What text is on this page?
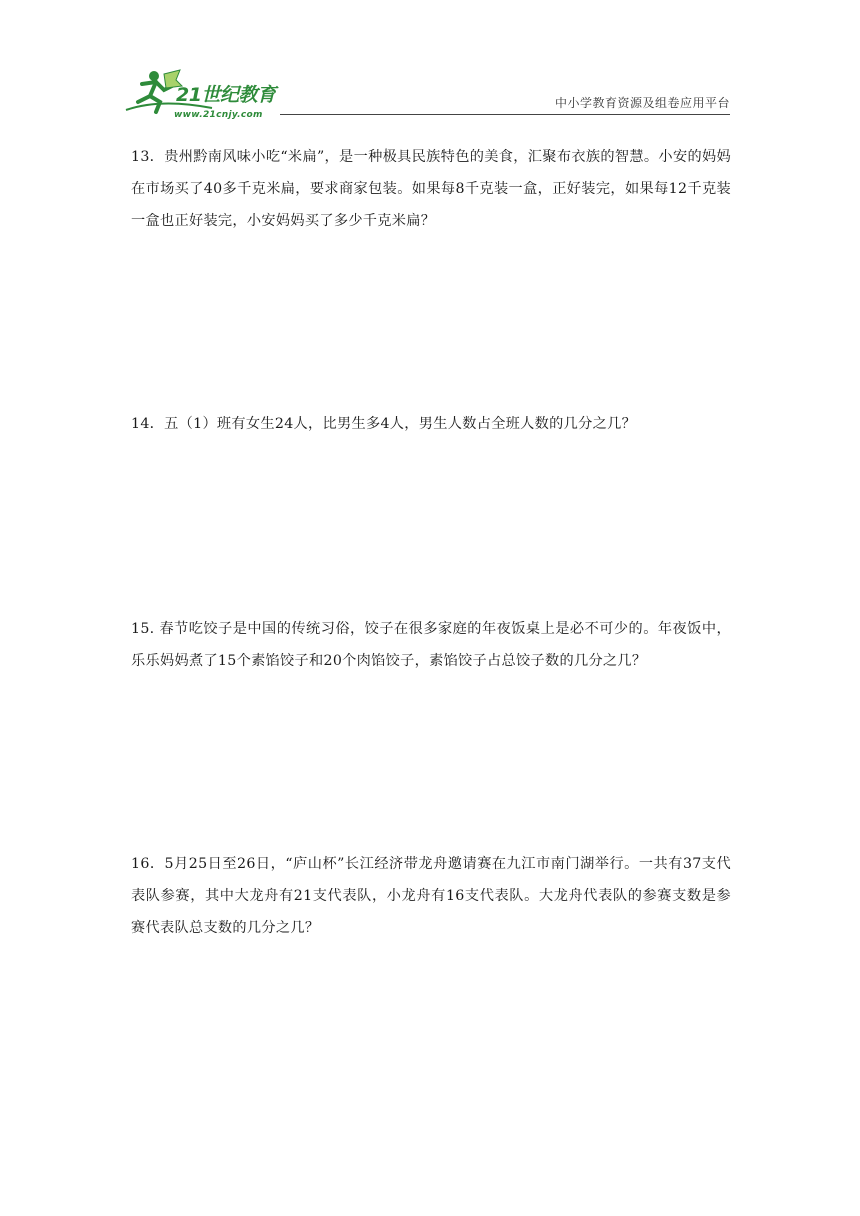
21世纪教育
www.21cnjy.com
中小学教育资源及组卷应用平台
13．贵州黔南风味小吃“米扁”，是一种极具民族特色的美食，汇聚布衣族的智慧。小安的妈妈在市场买了40多千克米扁，要求商家包装。如果每8千克装一盒，正好装完，如果每12千克装一盒也正好装完，小安妈妈买了多少千克米扁？
14．五（1）班有女生24人，比男生多4人，男生人数占全班人数的几分之几？
15. 春节吃饺子是中国的传统习俗，饺子在很多家庭的年夜饭桌上是必不可少的。年夜饭中，乐乐妈妈煮了15个素馅饺子和20个肉馅饺子，素馅饺子占总饺子数的几分之几？
16．5月25日至26日，“庐山杯”长江经济带龙舟邀请赛在九江市南门湖举行。一共有37支代表队参赛，其中大龙舟有21支代表队，小龙舟有16支代表队。大龙舟代表队的参赛支数是参赛代表队总支数的几分之几？
